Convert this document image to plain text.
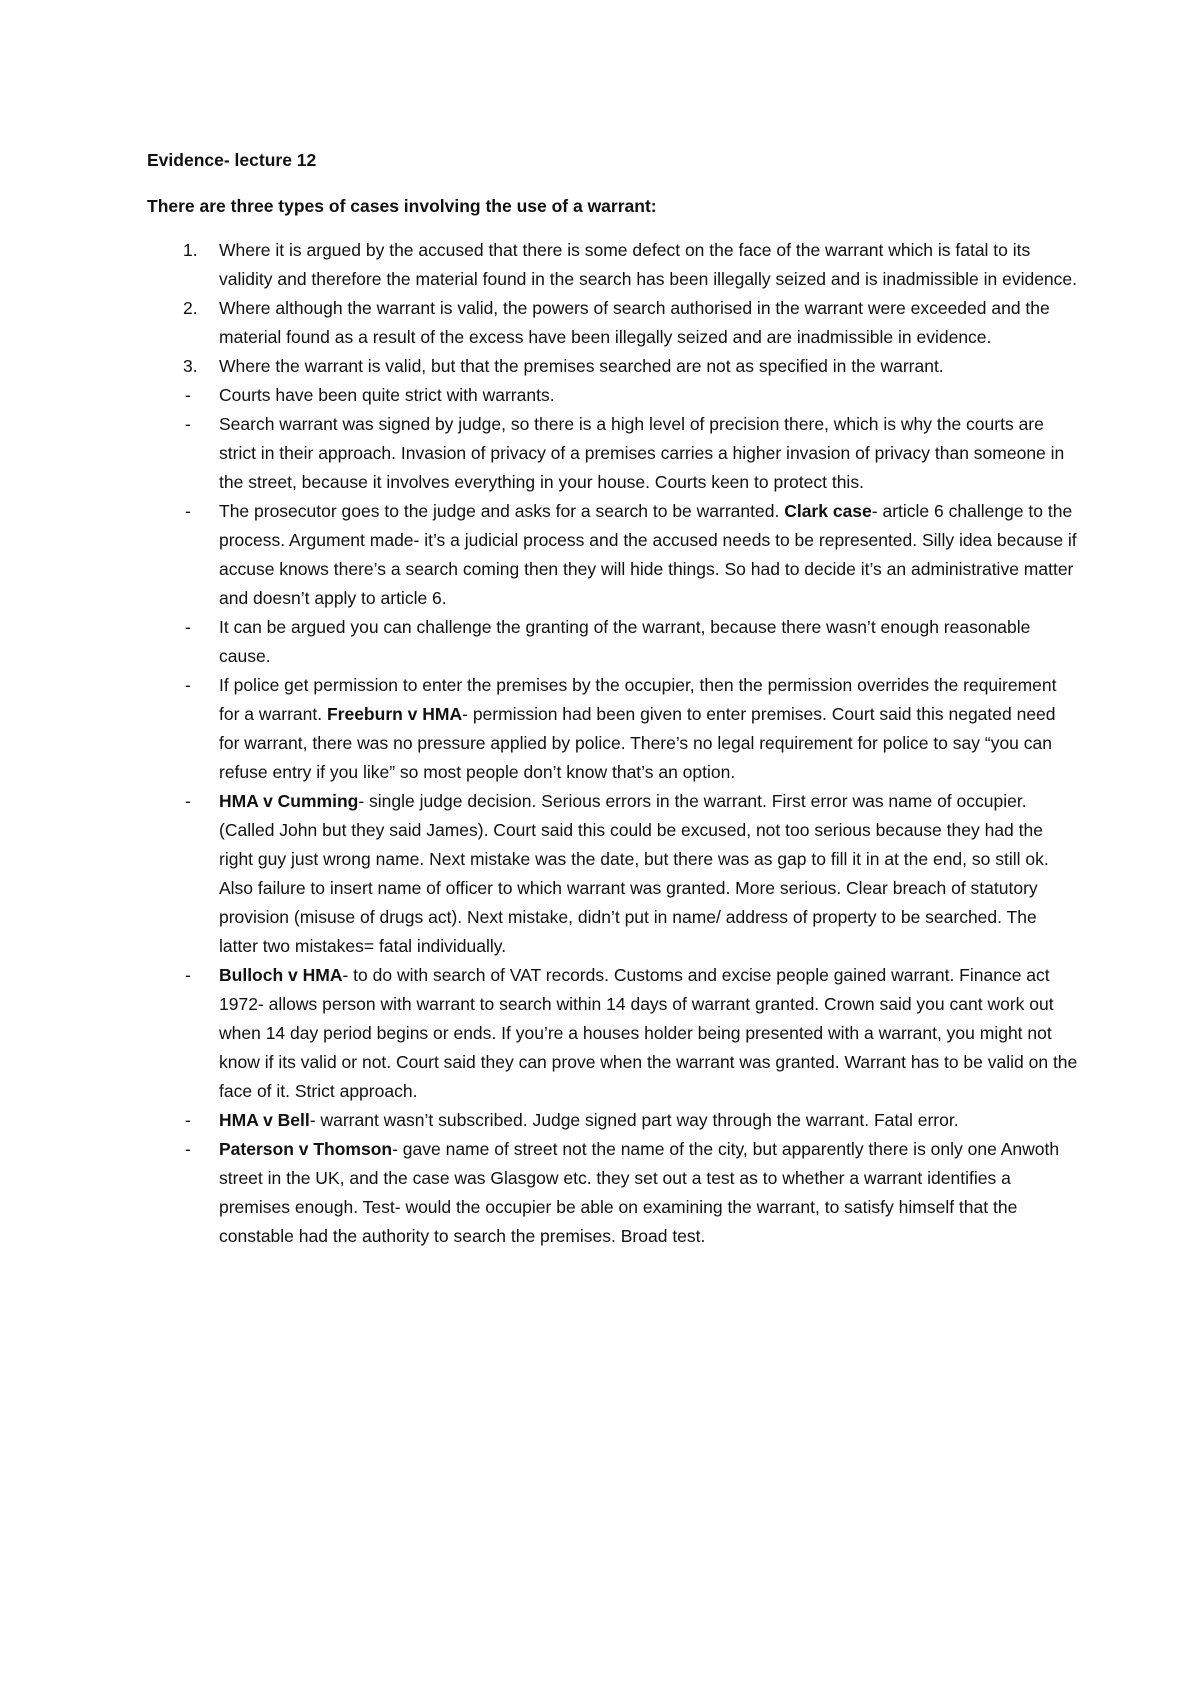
Evidence- lecture 12
There are three types of cases involving the use of a warrant:
1.	Where it is argued by the accused that there is some defect on the face of the warrant which is fatal to its validity and therefore the material found in the search has been illegally seized and is inadmissible in evidence.
2.	Where although the warrant is valid, the powers of search authorised in the warrant were exceeded and the material found as a result of the excess have been illegally seized and are inadmissible in evidence.
3.	Where the warrant is valid, but that the premises searched are not as specified in the warrant.
-	Courts have been quite strict with warrants.
-	Search warrant was signed by judge, so there is a high level of precision there, which is why the courts are strict in their approach. Invasion of privacy of a premises carries a higher invasion of privacy than someone in the street, because it involves everything in your house. Courts keen to protect this.
-	The prosecutor goes to the judge and asks for a search to be warranted. Clark case- article 6 challenge to the process. Argument made- it’s a judicial process and the accused needs to be represented. Silly idea because if accuse knows there’s a search coming then they will hide things. So had to decide it’s an administrative matter and doesn’t apply to article 6.
-	It can be argued you can challenge the granting of the warrant, because there wasn’t enough reasonable cause.
-	If police get permission to enter the premises by the occupier, then the permission overrides the requirement for a warrant. Freeburn v HMA- permission had been given to enter premises. Court said this negated need for warrant, there was no pressure applied by police. There’s no legal requirement for police to say “you can refuse entry if you like” so most people don’t know that’s an option.
-	HMA v Cumming- single judge decision. Serious errors in the warrant. First error was name of occupier. (Called John but they said James). Court said this could be excused, not too serious because they had the right guy just wrong name. Next mistake was the date, but there was as gap to fill it in at the end, so still ok. Also failure to insert name of officer to which warrant was granted. More serious. Clear breach of statutory provision (misuse of drugs act). Next mistake, didn’t put in name/ address of property to be searched. The latter two mistakes= fatal individually.
-	Bulloch v HMA- to do with search of VAT records. Customs and excise people gained warrant. Finance act 1972- allows person with warrant to search within 14 days of warrant granted. Crown said you cant work out when 14 day period begins or ends. If you’re a houses holder being presented with a warrant, you might not know if its valid or not. Court said they can prove when the warrant was granted. Warrant has to be valid on the face of it. Strict approach.
-	HMA v Bell- warrant wasn’t subscribed. Judge signed part way through the warrant. Fatal error.
-	Paterson v Thomson- gave name of street not the name of the city, but apparently there is only one Anwoth street in the UK, and the case was Glasgow etc. they set out a test as to whether a warrant identifies a premises enough. Test- would the occupier be able on examining the warrant, to satisfy himself that the constable had the authority to search the premises. Broad test.
